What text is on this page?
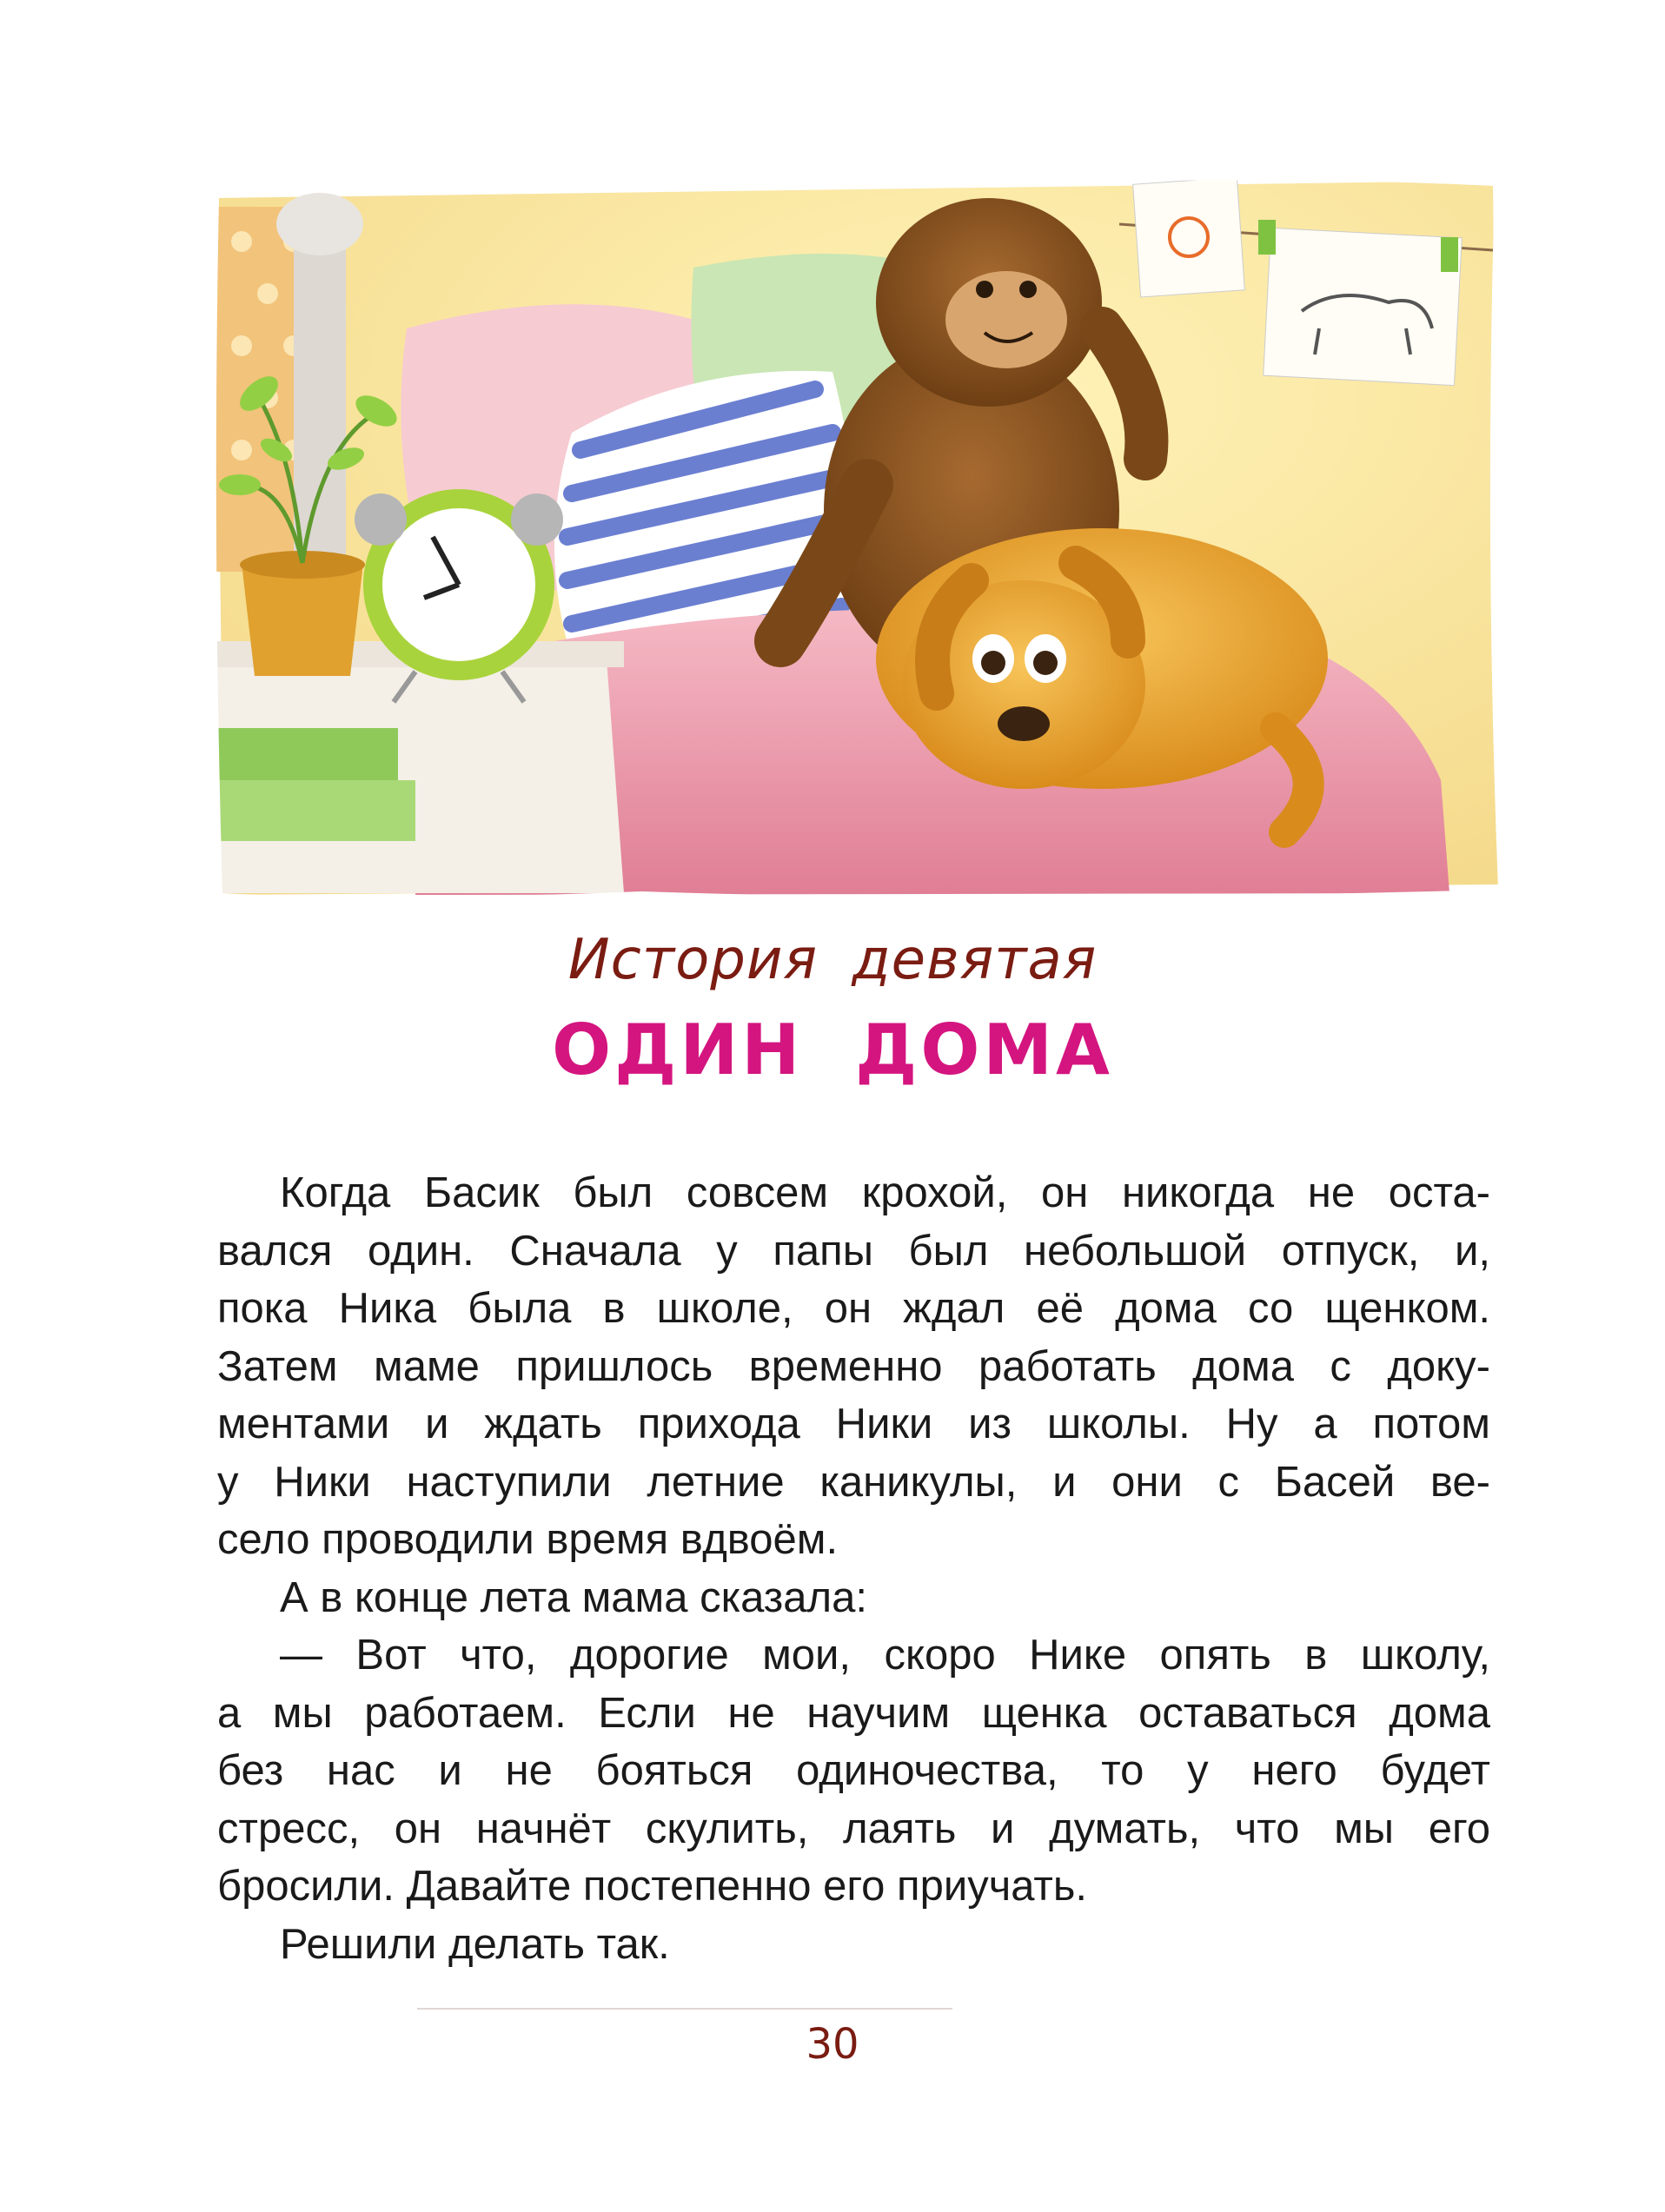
История девятая
ОДИН ДОМА
Когда Басик был совсем крохой, он никогда не оста-
вался один. Сначала у папы был небольшой отпуск, и,
пока Ника была в школе, он ждал её дома со щенком.
Затем маме пришлось временно работать дома с доку-
ментами и ждать прихода Ники из школы. Ну а потом
у Ники наступили летние каникулы, и они с Басей ве-
село проводили время вдвоём.
А в конце лета мама сказала:
— Вот что, дорогие мои, скоро Нике опять в школу,
а мы работаем. Если не научим щенка оставаться дома
без нас и не бояться одиночества, то у него будет
стресс, он начнёт скулить, лаять и думать, что мы его
бросили. Давайте постепенно его приучать.
Решили делать так.
30
